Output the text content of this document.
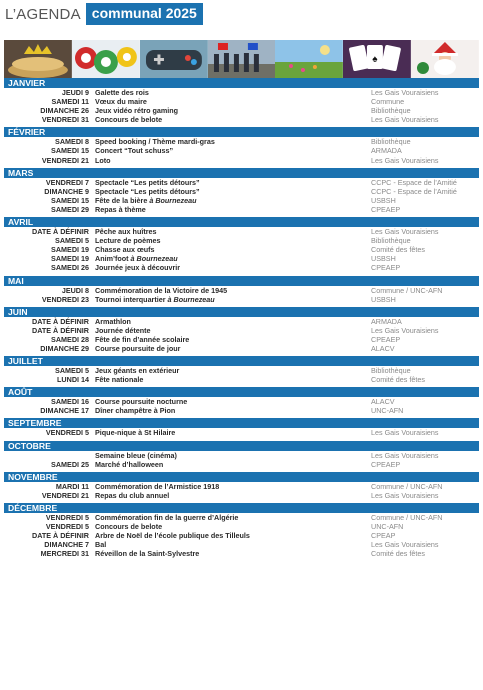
L’AGENDA communal 2025
♠
JANVIER
JEUDI 9 Galette des rois	Les Gais Vouraisiens
SAMEDI 11 Vœux du maire	Commune
DIMANCHE 26 Jeux vidéo rétro gaming	Bibliothèque
VENDREDI 31 Concours de belote	Les Gais Vouraisiens
FÉVRIER
SAMEDI 8 Speed booking / Thème mardi-gras	Bibliothèque
SAMEDI 15 Concert “Tout schuss”	ARMADA
VENDREDI 21 Loto	Les Gais Vouraisiens
MARS
VENDREDI 7 Spectacle “Les petits détours”	CCPC - Espace de l’Amitié
DIMANCHE 9 Spectacle “Les petits détours”	CCPC - Espace de l’Amitié
SAMEDI 15 Fête de la bière à Bournezeau	USBSH
SAMEDI 29 Repas à thème	CPEAEP
AVRIL
DATE À DÉFINIR Pêche aux huîtres	Les Gais Vouraisiens
SAMEDI 5 Lecture de poèmes	Bibliothèque
SAMEDI 19 Chasse aux œufs	Comité des fêtes
SAMEDI 19 Anim’foot à Bournezeau	USBSH
SAMEDI 26 Journée jeux à découvrir	CPEAEP
MAI
JEUDI 8 Commémoration de la Victoire de 1945	Commune / UNC-AFN
VENDREDI 23 Tournoi interquartier à Bournezeau	USBSH
JUIN
DATE À DÉFINIR Armathlon	ARMADA
DATE À DÉFINIR Journée détente	Les Gais Vouraisiens
SAMEDI 28 Fête de fin d’année scolaire	CPEAEP
DIMANCHE 29 Course poursuite de jour	ALACV
JUILLET
SAMEDI 5 Jeux géants en extérieur	Bibliothèque
LUNDI 14 Fête nationale	Comité des fêtes
AOÛT
SAMEDI 16 Course poursuite nocturne	ALACV
DIMANCHE 17 Dîner champêtre à Pion	UNC-AFN
SEPTEMBRE
VENDREDI 5 Pique-nique à St Hilaire	Les Gais Vouraisiens
OCTOBRE
Semaine bleue (cinéma)	Les Gais Vouraisiens
SAMEDI 25 Marché d’halloween	CPEAEP
NOVEMBRE
MARDI 11 Commémoration de l’Armistice 1918	Commune / UNC-AFN
VENDREDI 21 Repas du club annuel	Les Gais Vouraisiens
DÉCEMBRE
VENDREDI 5 Commémoration fin de la guerre d’Algérie	Commune / UNC-AFN
VENDREDI 5 Concours de belote	UNC-AFN
DATE À DÉFINIR Arbre de Noël de l’école publique des Tilleuls	CPEAP
DIMANCHE 7 Bal	Les Gais Vouraisiens
MERCREDI 31 Réveillon de la Saint-Sylvestre	Comité des fêtes
